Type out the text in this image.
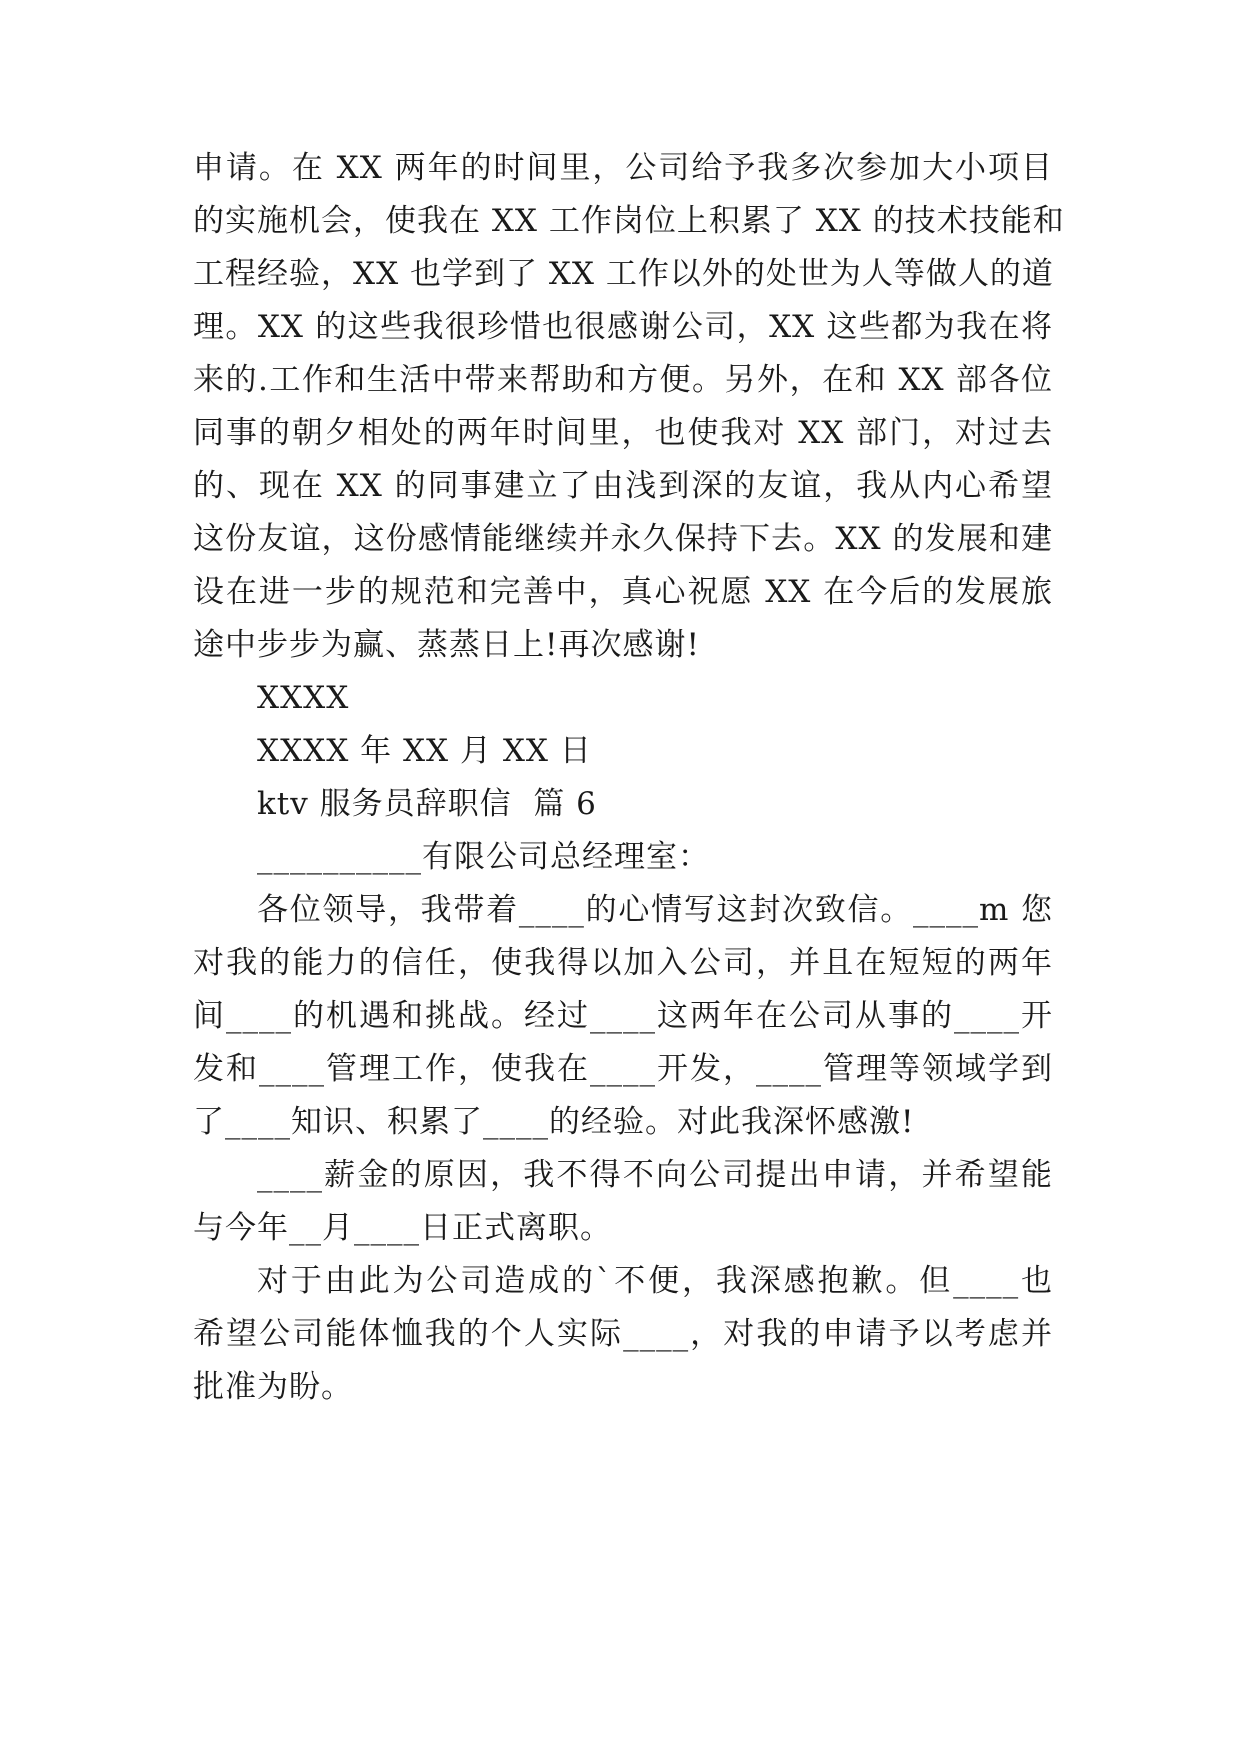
申请。在 XX 两年的时间里，公司给予我多次参加大小项目
的实施机会，使我在 XX 工作岗位上积累了 XX 的技术技能和
工程经验，XX 也学到了 XX 工作以外的处世为人等做人的道
理。XX 的这些我很珍惜也很感谢公司，XX 这些都为我在将
来的.工作和生活中带来帮助和方便。另外，在和 XX 部各位
同事的朝夕相处的两年时间里，也使我对 XX 部门，对过去
的、现在 XX 的同事建立了由浅到深的友谊，我从内心希望
这份友谊，这份感情能继续并永久保持下去。XX 的发展和建
设在进一步的规范和完善中，真心祝愿 XX 在今后的发展旅
途中步步为赢、蒸蒸日上!再次感谢!
XXXX
XXXX 年 XX 月 XX 日
ktv 服务员辞职信  篇 6
__________有限公司总经理室：
各位领导，我带着____的心情写这封次致信。____m 您
对我的能力的信任，使我得以加入公司，并且在短短的两年
间____的机遇和挑战。经过____这两年在公司从事的____开
发和____管理工作，使我在____开发，____管理等领域学到
了____知识、积累了____的经验。对此我深怀感激!
____薪金的原因，我不得不向公司提出申请，并希望能
与今年__月____日正式离职。
对于由此为公司造成的`不便，我深感抱歉。但____也
希望公司能体恤我的个人实际____，对我的申请予以考虑并
批准为盼。
